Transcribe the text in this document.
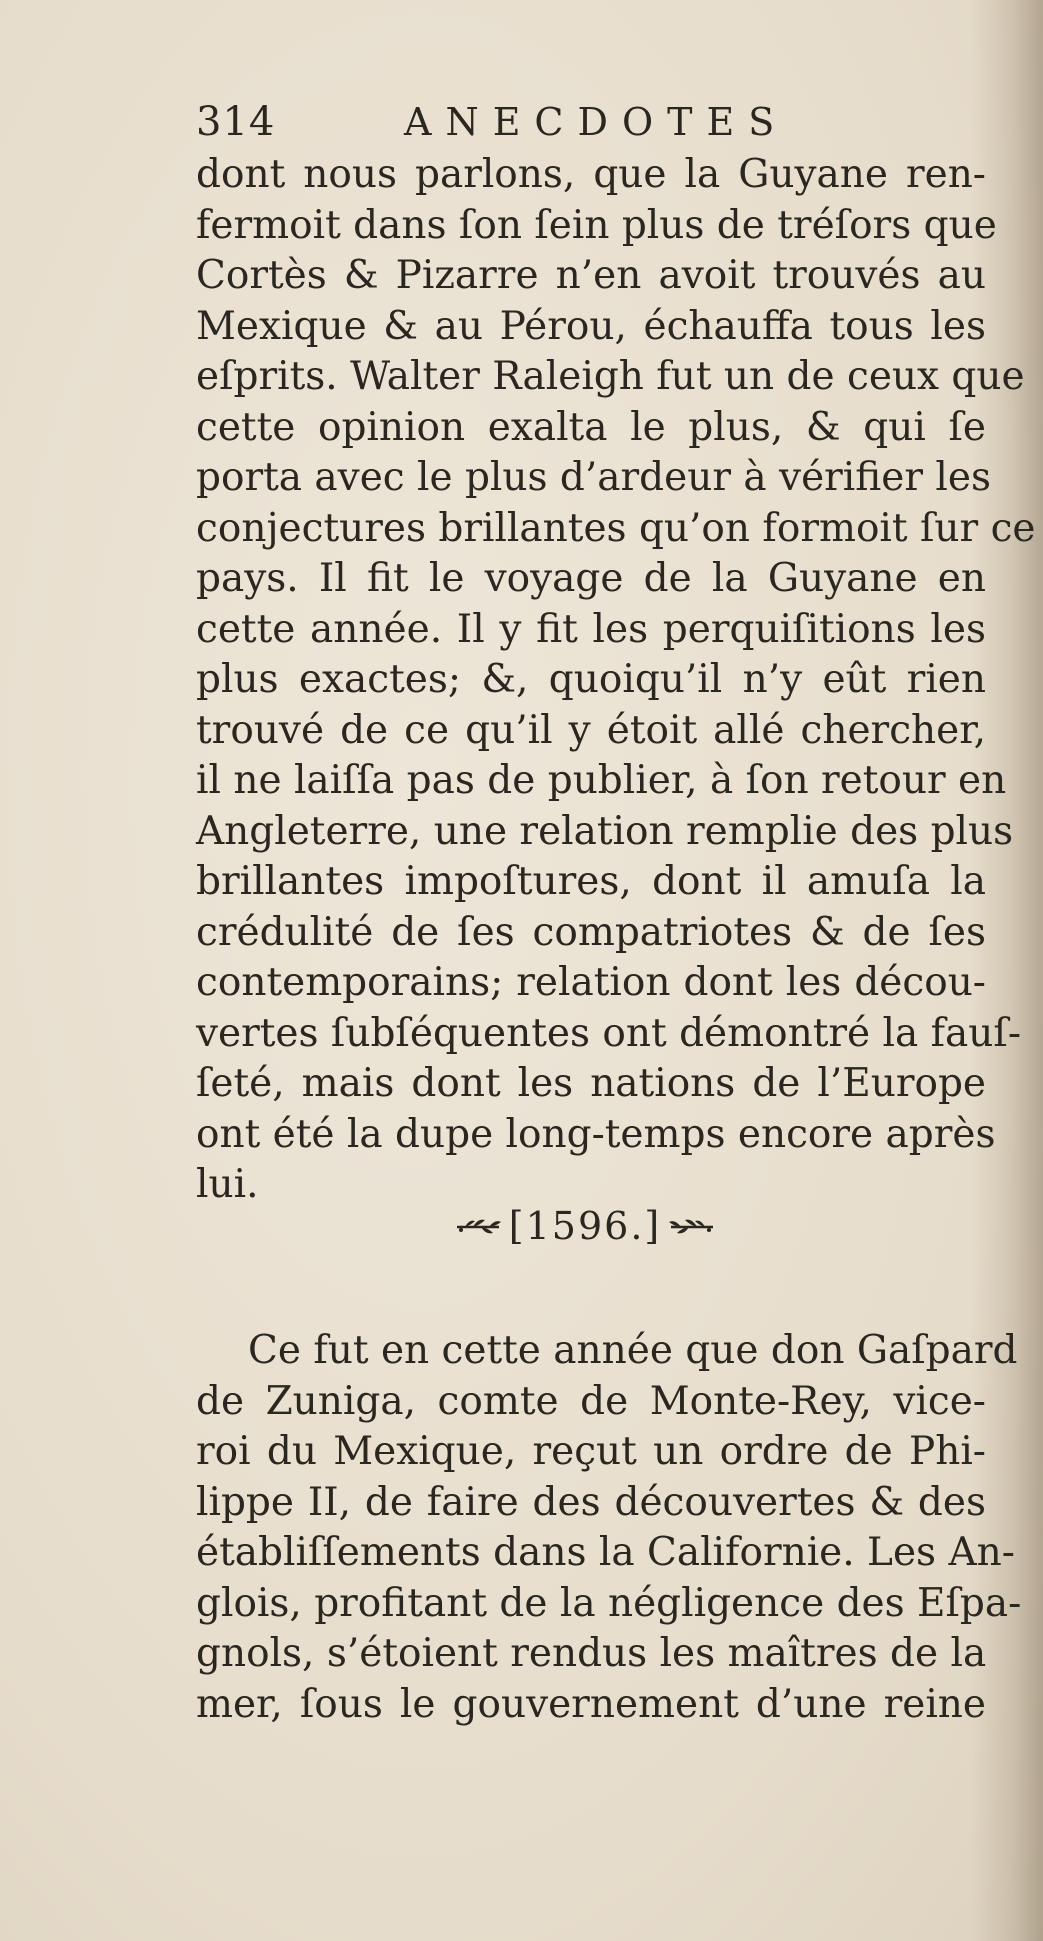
314	ANECDOTES
dont nous parlons, que la Guyane ren-
fermoit dans ſon ſein plus de tréſors que
Cortès & Pizarre n’en avoit trouvés au
Mexique & au Pérou, échauffa tous les
eſprits. Walter Raleigh fut un de ceux que
cette opinion exalta le plus, & qui ſe
porta avec le plus d’ardeur à vérifier les
conjectures brillantes qu’on formoit ſur ce
pays. Il fit le voyage de la Guyane en
cette année. Il y fit les perquiſitions les
plus exactes; &, quoiqu’il n’y eût rien
trouvé de ce qu’il y étoit allé chercher,
il ne laiſſa pas de publier, à ſon retour en
Angleterre, une relation remplie des plus
brillantes impoſtures, dont il amuſa la
crédulité de ſes compatriotes & de ſes
contemporains; relation dont les décou-
vertes ſubſéquentes ont démontré la fauſ-
ſeté, mais dont les nations de l’Europe
ont été la dupe long-temps encore après
lui.
[1596.]
Ce fut en cette année que don Gaſpard
de Zuniga, comte de Monte-Rey, vice-
roi du Mexique, reçut un ordre de Phi-
lippe II, de faire des découvertes & des
établiſſements dans la Californie. Les An-
glois, profitant de la négligence des Eſpa-
gnols, s’étoient rendus les maîtres de la
mer, ſous le gouvernement d’une reine
